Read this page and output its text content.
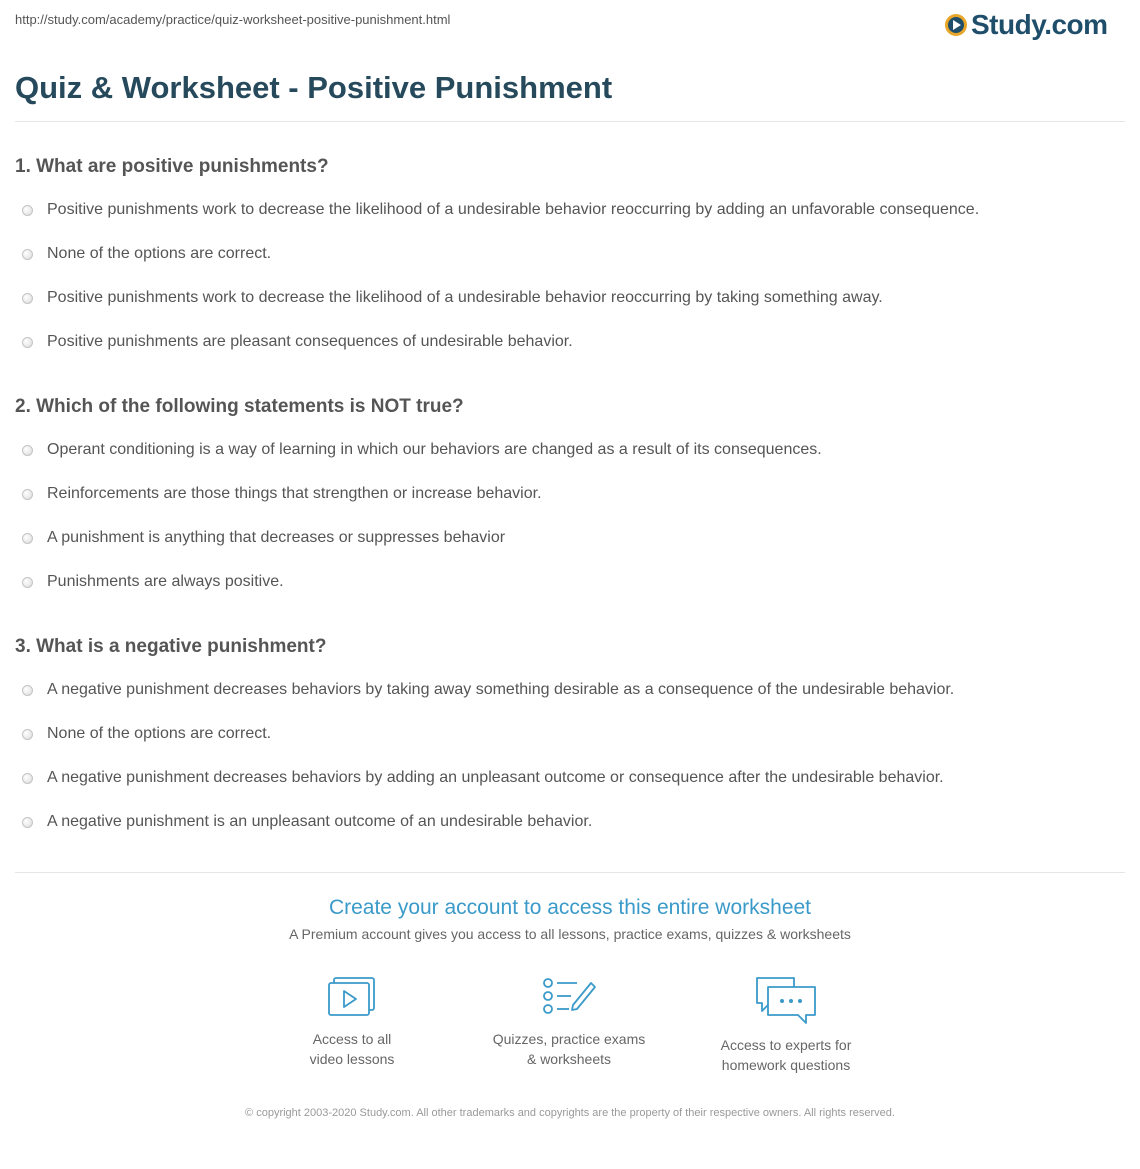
http://study.com/academy/practice/quiz-worksheet-positive-punishment.html	Study.com
Quiz & Worksheet - Positive Punishment
1. What are positive punishments?
Positive punishments work to decrease the likelihood of a undesirable behavior reoccurring by adding an unfavorable consequence.
None of the options are correct.
Positive punishments work to decrease the likelihood of a undesirable behavior reoccurring by taking something away.
Positive punishments are pleasant consequences of undesirable behavior.
2. Which of the following statements is NOT true?
Operant conditioning is a way of learning in which our behaviors are changed as a result of its consequences.
Reinforcements are those things that strengthen or increase behavior.
A punishment is anything that decreases or suppresses behavior
Punishments are always positive.
3. What is a negative punishment?
A negative punishment decreases behaviors by taking away something desirable as a consequence of the undesirable behavior.
None of the options are correct.
A negative punishment decreases behaviors by adding an unpleasant outcome or consequence after the undesirable behavior.
A negative punishment is an unpleasant outcome of an undesirable behavior.
Create your account to access this entire worksheet
A Premium account gives you access to all lessons, practice exams, quizzes & worksheets
Access to all
video lessons
Quizzes, practice exams
& worksheets
Access to experts for
homework questions
© copyright 2003-2020 Study.com. All other trademarks and copyrights are the property of their respective owners. All rights reserved.
